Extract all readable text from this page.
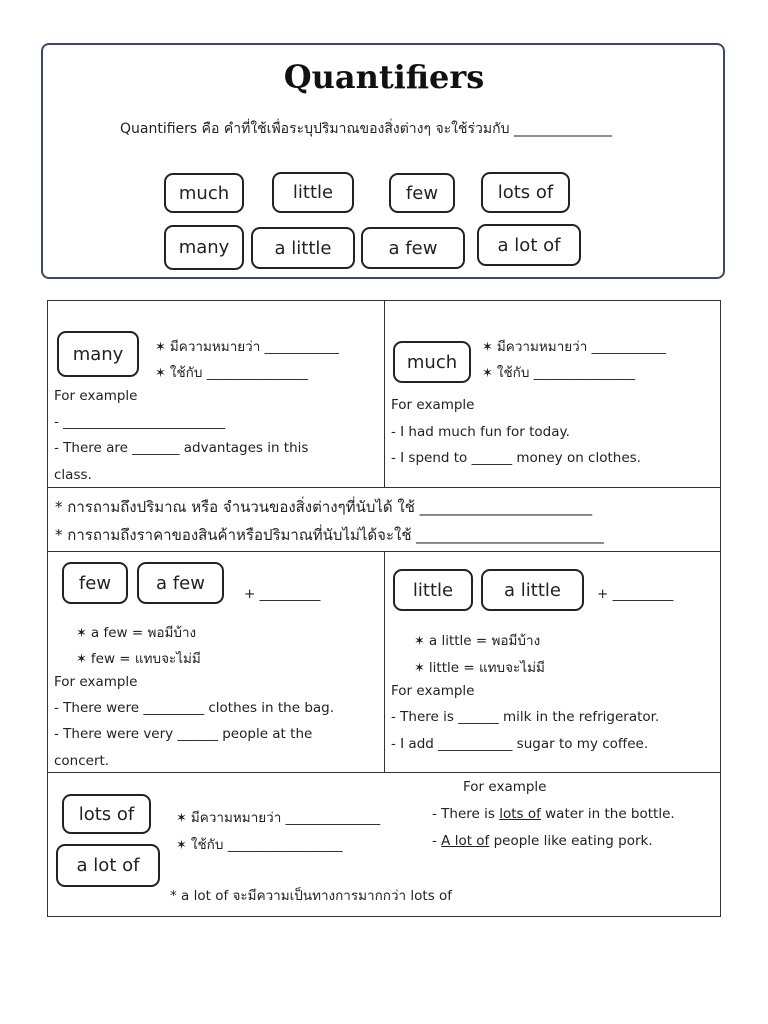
Quantifiers
Quantifiers คือ คำที่ใช้เพื่อระบุปริมาณของสิ่งต่างๆ จะใช้ร่วมกับ ______________
much	little	few	lots of
many	a little	a few	a lot of
many	✶ มีความหมายว่า ___________
✶ ใช้กับ _______________
For example
- ________________________
- There are _______ advantages in this
class.
much
✶ มีความหมายว่า ___________
✶ ใช้กับ _______________
For example
- I had much fun for today.
- I spend to ______ money on clothes.
* การถามถึงปริมาณ หรือ จำนวนของสิ่งต่างๆที่นับได้ ใช้ _______________________
* การถามถึงราคาของสินค้าหรือปริมาณที่นับไม่ได้จะใช้ _________________________
few	a few
+ _________
✶ a few = พอมีบ้าง
✶ few = แทบจะไม่มี
For example
- There were _________ clothes in the bag.
- There were very ______ people at the
concert.
little	a little	+ _________
✶ a little = พอมีบ้าง
✶ little = แทบจะไม่มี
For example
- There is ______ milk in the refrigerator.
- I add ___________ sugar to my coffee.
lots of
a lot of
✶ มีความหมายว่า ______________
✶ ใช้กับ _________________
For example
- There is lots of water in the bottle.
- A lot of people like eating pork.
* a lot of จะมีความเป็นทางการมากกว่า lots of
